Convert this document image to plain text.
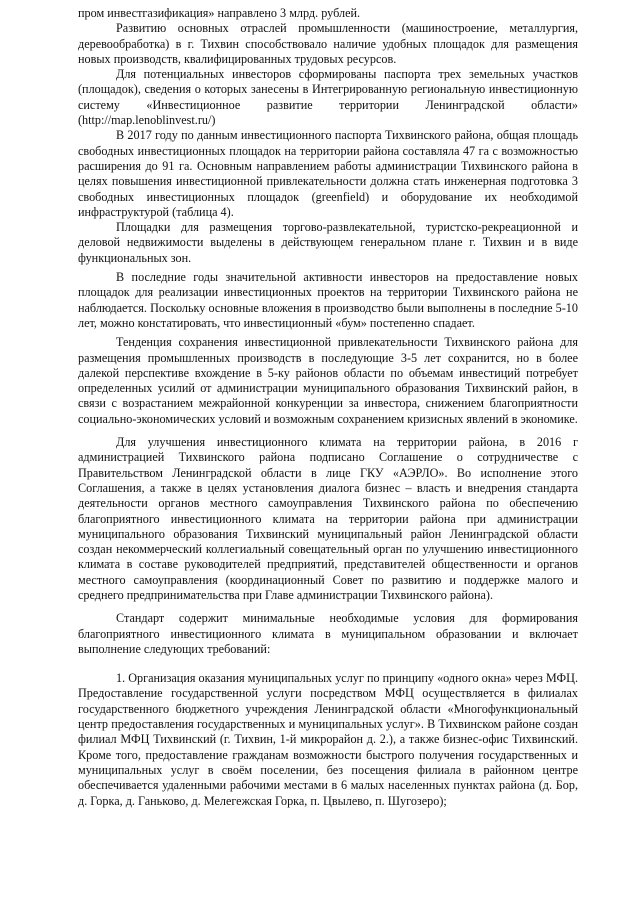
пром инвестгазификация» направлено 3 млрд. рублей.

Развитию основных отраслей промышленности (машиностроение, металлургия, деревообработка) в г. Тихвин способствовало наличие удобных площадок для размещения новых производств, квалифицированных трудовых ресурсов.

Для потенциальных инвесторов сформированы паспорта трех земельных участков (площадок), сведения о которых занесены в Интегрированную региональную инвестиционную систему «Инвестиционное развитие территории Ленинградской области» (http://map.lenoblinvest.ru/)

В 2017 году по данным инвестиционного паспорта Тихвинского района, общая площадь свободных инвестиционных площадок на территории района составляла 47 га с возможностью расширения до 91 га. Основным направлением работы администрации Тихвинского района в целях повышения инвестиционной привлекательности должна стать инженерная подготовка 3 свободных инвестиционных площадок (greenfield) и оборудование их необходимой инфраструктурой (таблица 4).

Площадки для размещения торгово-развлекательной, туристско-рекреационной и деловой недвижимости выделены в действующем генеральном плане г. Тихвин и в виде функциональных зон.

В последние годы значительной активности инвесторов на предоставление новых площадок для реализации инвестиционных проектов на территории Тихвинского района не наблюдается. Поскольку основные вложения в производство были выполнены в последние 5-10 лет, можно констатировать, что инвестиционный «бум» постепенно спадает.

Тенденция сохранения инвестиционной привлекательности Тихвинского района для размещения промышленных производств в последующие 3-5 лет сохранится, но в более далекой перспективе вхождение в 5-ку районов области по объемам инвестиций потребует определенных усилий от администрации муниципального образования Тихвинский район, в связи с возрастанием межрайонной конкуренции за инвестора, снижением благоприятности социально-экономических условий и возможным сохранением кризисных явлений в экономике.

Для улучшения инвестиционного климата на территории района, в 2016 г администрацией Тихвинского района подписано Соглашение о сотрудничестве с Правительством Ленинградской области в лице ГКУ «АЭРЛО». Во исполнение этого Соглашения, а также в целях установления диалога бизнес – власть и внедрения стандарта деятельности органов местного самоуправления Тихвинского района по обеспечению благоприятного инвестиционного климата на территории района при администрации муниципального образования Тихвинский муниципальный район Ленинградской области создан некоммерческий коллегиальный совещательный орган по улучшению инвестиционного климата в составе руководителей предприятий, представителей общественности и органов местного самоуправления (координационный Совет по развитию и поддержке малого и среднего предпринимательства при Главе администрации Тихвинского района).

Стандарт содержит минимальные необходимые условия для формирования благоприятного инвестиционного климата в муниципальном образовании и включает выполнение следующих требований:

1. Организация оказания муниципальных услуг по принципу «одного окна» через МФЦ. Предоставление государственной услуги посредством МФЦ осуществляется в филиалах государственного бюджетного учреждения Ленинградской области «Многофункциональный центр предоставления государственных и муниципальных услуг». В Тихвинском районе создан филиал МФЦ Тихвинский (г. Тихвин, 1-й микрорайон д. 2.), а также бизнес-офис Тихвинский. Кроме того, предоставление гражданам возможности быстрого получения государственных и муниципальных услуг в своём поселении, без посещения филиала в районном центре обеспечивается удаленными рабочими местами в 6 малых населенных пунктах района (д. Бор, д. Горка, д. Ганьково, д. Мелегежская Горка, п. Цвылево, п. Шугозеро);
